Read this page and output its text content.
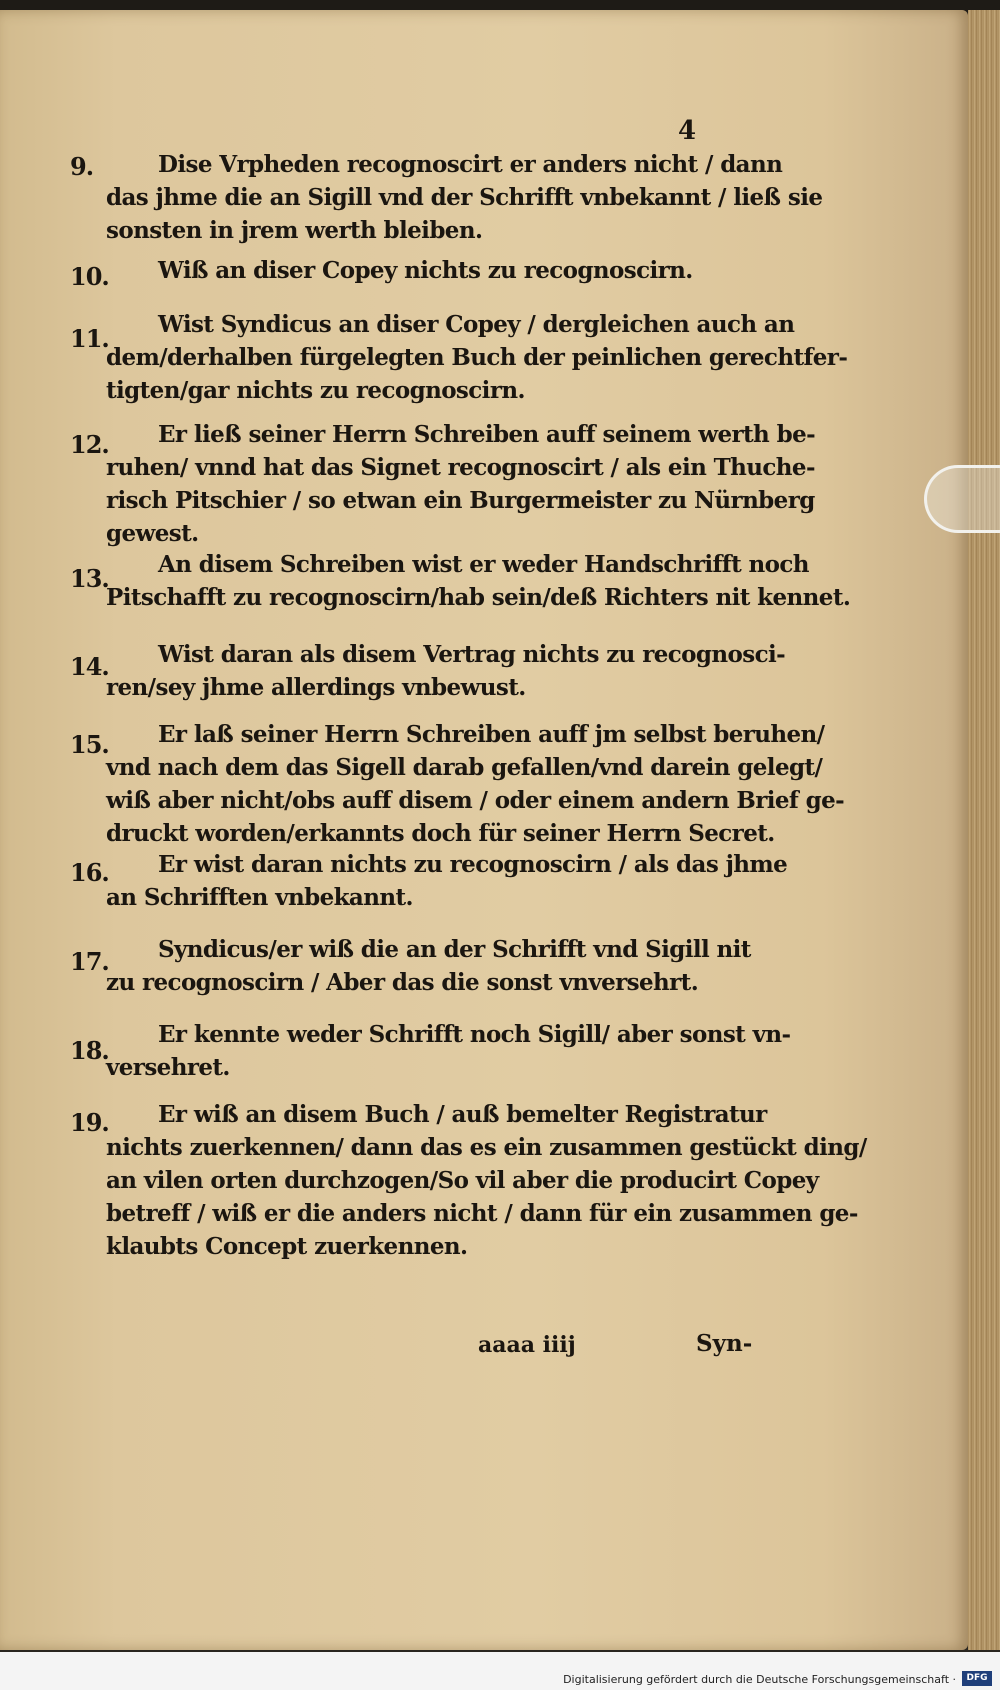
4
9.	Dise Vrpheden recognoscirt er anders nicht / dann
das jhme die an Sigill vnd der Schrifft vnbekannt / ließ sie
sonsten in jrem werth bleiben.
10.	Wiß an diser Copey nichts zu recognoscirn.
11.	Wist Syndicus an diser Copey / dergleichen auch an
dem/derhalben fürgelegten Buch der peinlichen gerechtfer-
tigten/gar nichts zu recognoscirn.
12.	Er ließ seiner Herrn Schreiben auff seinem werth be-
ruhen/ vnnd hat das Signet recognoscirt / als ein Thuche-
risch Pitschier / so etwan ein Burgermeister zu Nürnberg
gewest.
13.	An disem Schreiben wist er weder Handschrifft noch
Pitschafft zu recognoscirn/hab sein/deß Richters nit kennet.
14.	Wist daran als disem Vertrag nichts zu recognosci-
ren/sey jhme allerdings vnbewust.
15.	Er laß seiner Herrn Schreiben auff jm selbst beruhen/
vnd nach dem das Sigell darab gefallen/vnd darein gelegt/
wiß aber nicht/obs auff disem / oder einem andern Brief ge-
druckt worden/erkannts doch für seiner Herrn Secret.
16.	Er wist daran nichts zu recognoscirn / als das jhme
an Schrifften vnbekannt.
17.	Syndicus/er wiß die an der Schrifft vnd Sigill nit
zu recognoscirn / Aber das die sonst vnversehrt.
18.
Er kennte weder Schrifft noch Sigill/ aber sonst vn-
versehret.
19.	Er wiß an disem Buch / auß bemelter Registratur
nichts zuerkennen/ dann das es ein zusammen gestückt ding/
an vilen orten durchzogen/So vil aber die producirt Copey
betreff / wiß er die anders nicht / dann für ein zusammen ge-
klaubts Concept zuerkennen.
aaaa iiij	Syn-
Digitalisierung gefördert durch die Deutsche Forschungsgemeinschaft ·	DFG
